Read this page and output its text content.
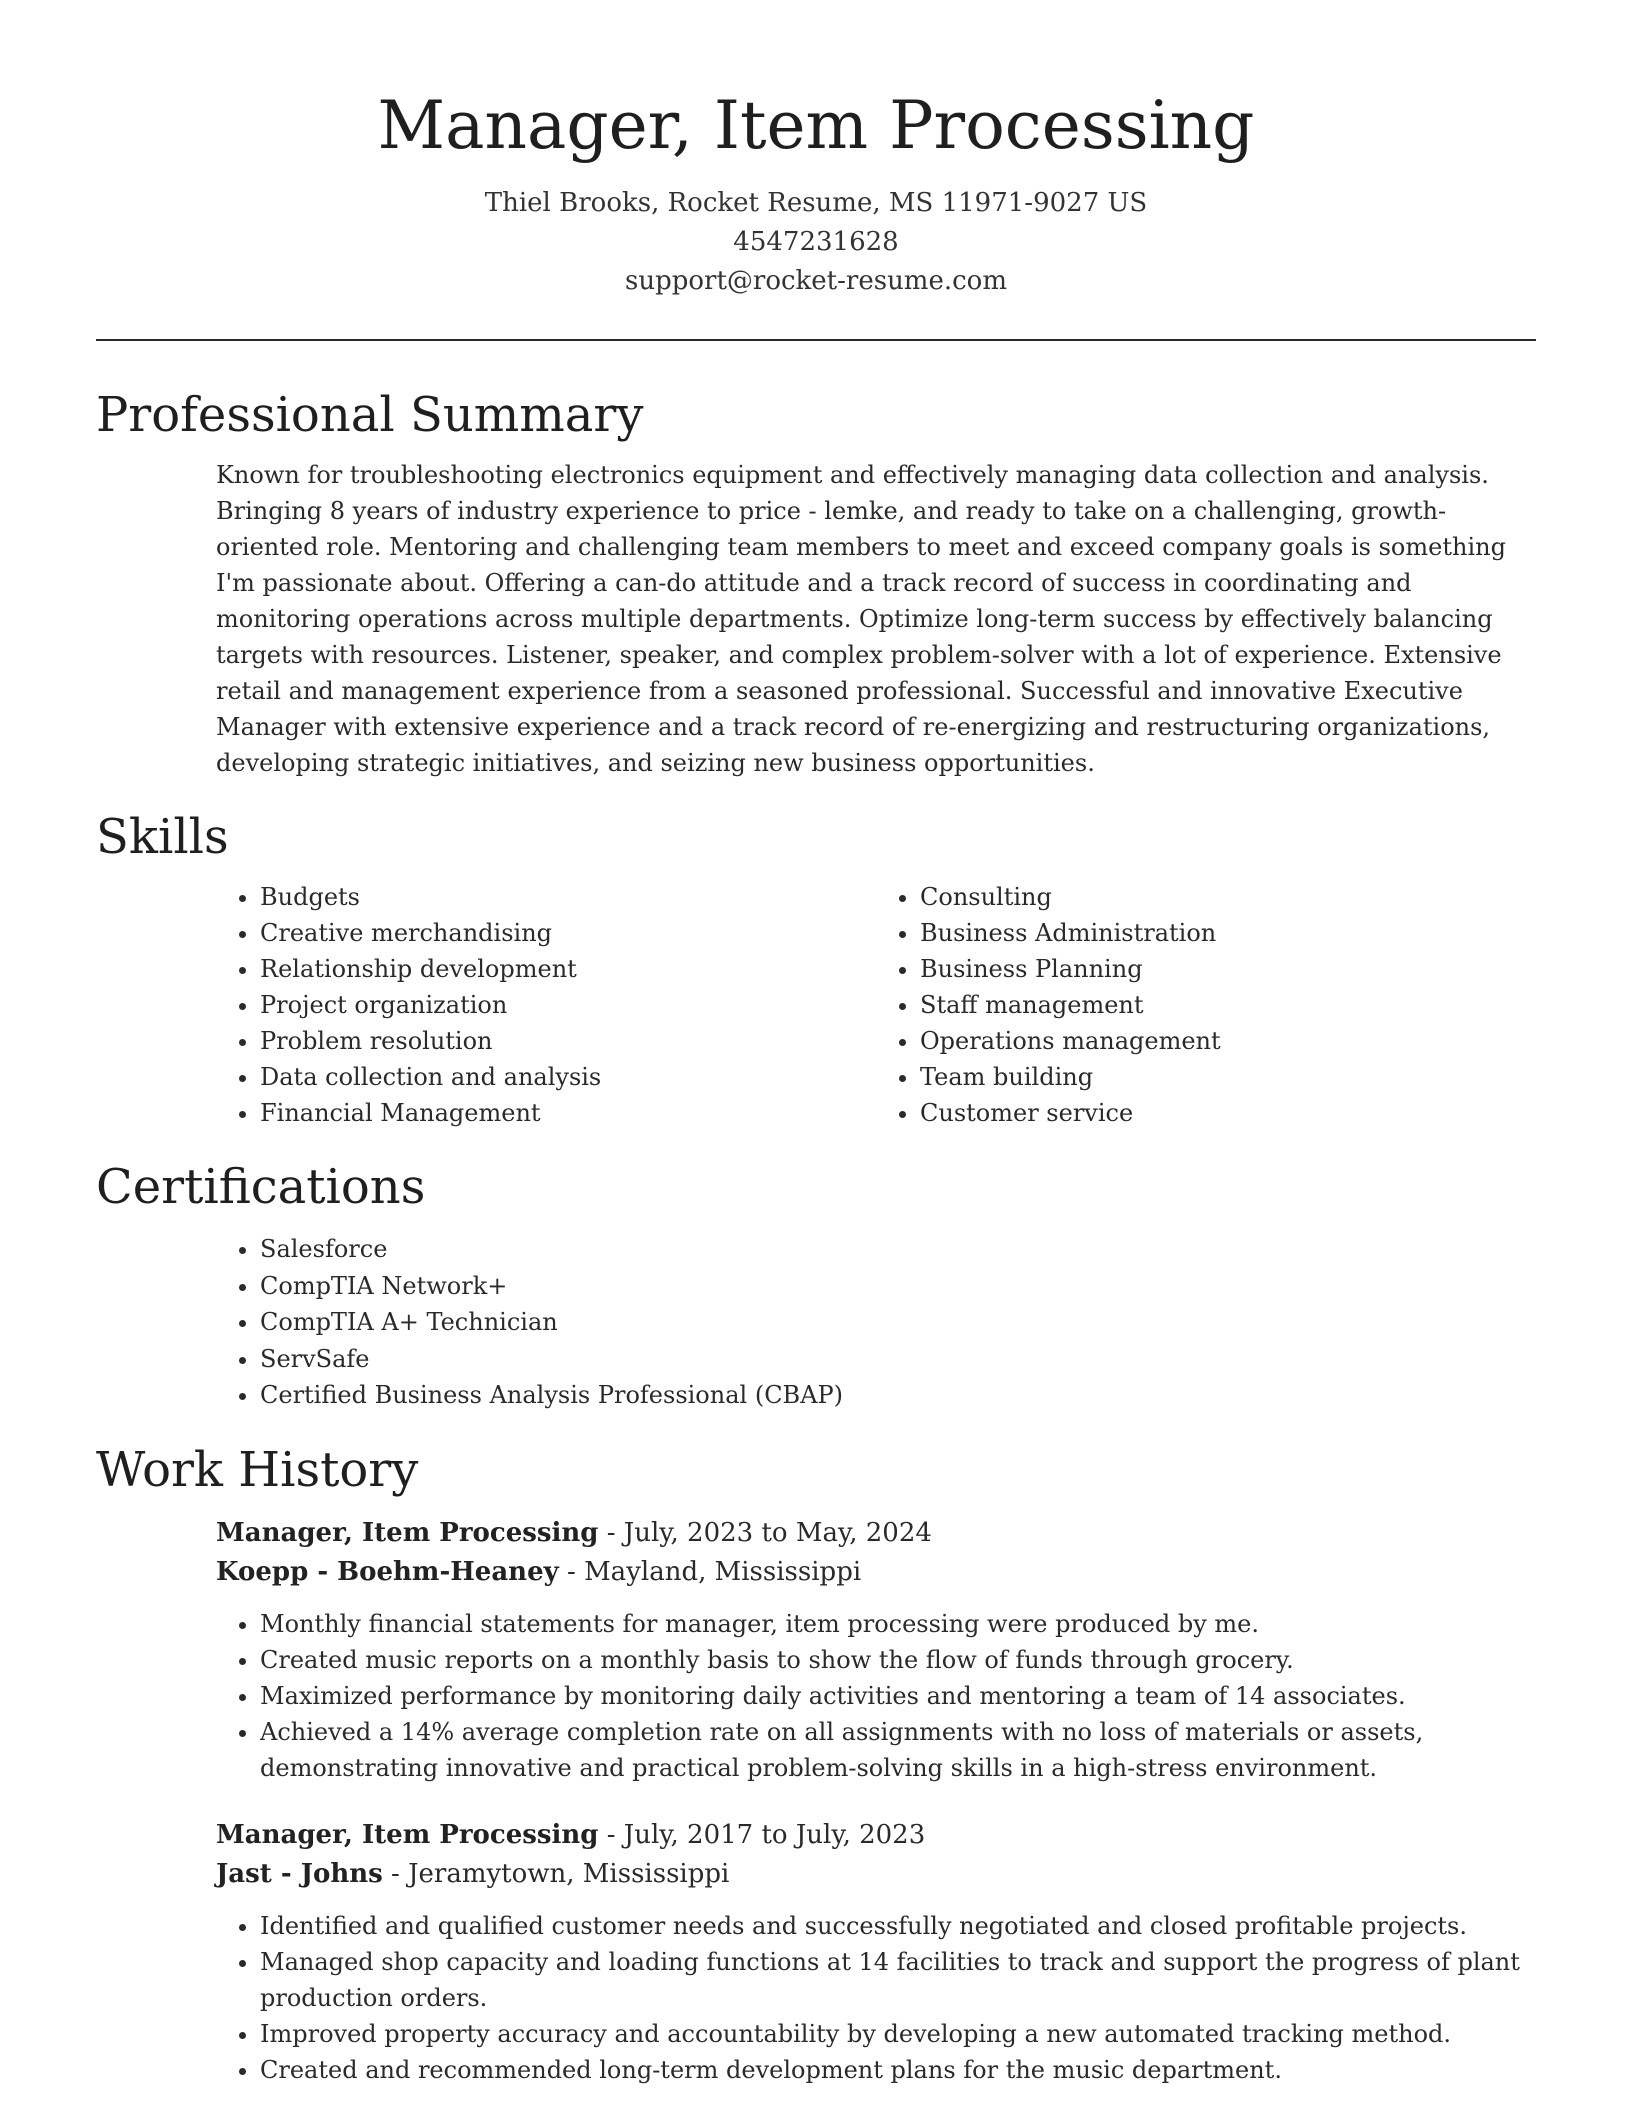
Manager, Item Processing
Thiel Brooks, Rocket Resume, MS 11971-9027 US
4547231628
support@rocket-resume.com
Professional Summary

Known for troubleshooting electronics equipment and effectively managing data collection and analysis. Bringing 8 years of industry experience to price - lemke, and ready to take on a challenging, growth-oriented role. Mentoring and challenging team members to meet and exceed company goals is something I'm passionate about. Offering a can-do attitude and a track record of success in coordinating and monitoring operations across multiple departments. Optimize long-term success by effectively balancing targets with resources. Listener, speaker, and complex problem-solver with a lot of experience. Extensive retail and management experience from a seasoned professional. Successful and innovative Executive Manager with extensive experience and a track record of re-energizing and restructuring organizations, developing strategic initiatives, and seizing new business opportunities.

Skills
• Budgets
• Creative merchandising
• Relationship development
• Project organization
• Problem resolution
• Data collection and analysis
• Financial Management
• Consulting
• Business Administration
• Business Planning
• Staff management
• Operations management
• Team building
• Customer service
Certifications
• Salesforce
• CompTIA Network+
• CompTIA A+ Technician
• ServSafe
• Certified Business Analysis Professional (CBAP)
Work History
Manager, Item Processing - July, 2023 to May, 2024
Koepp - Boehm-Heaney - Mayland, Mississippi
• Monthly financial statements for manager, item processing were produced by me.
• Created music reports on a monthly basis to show the flow of funds through grocery.
• Maximized performance by monitoring daily activities and mentoring a team of 14 associates.
• Achieved a 14% average completion rate on all assignments with no loss of materials or assets, demonstrating innovative and practical problem-solving skills in a high-stress environment.
Manager, Item Processing - July, 2017 to July, 2023
Jast - Johns - Jeramytown, Mississippi
• Identified and qualified customer needs and successfully negotiated and closed profitable projects.
• Managed shop capacity and loading functions at 14 facilities to track and support the progress of plant production orders.
• Improved property accuracy and accountability by developing a new automated tracking method.
• Created and recommended long-term development plans for the music department.
